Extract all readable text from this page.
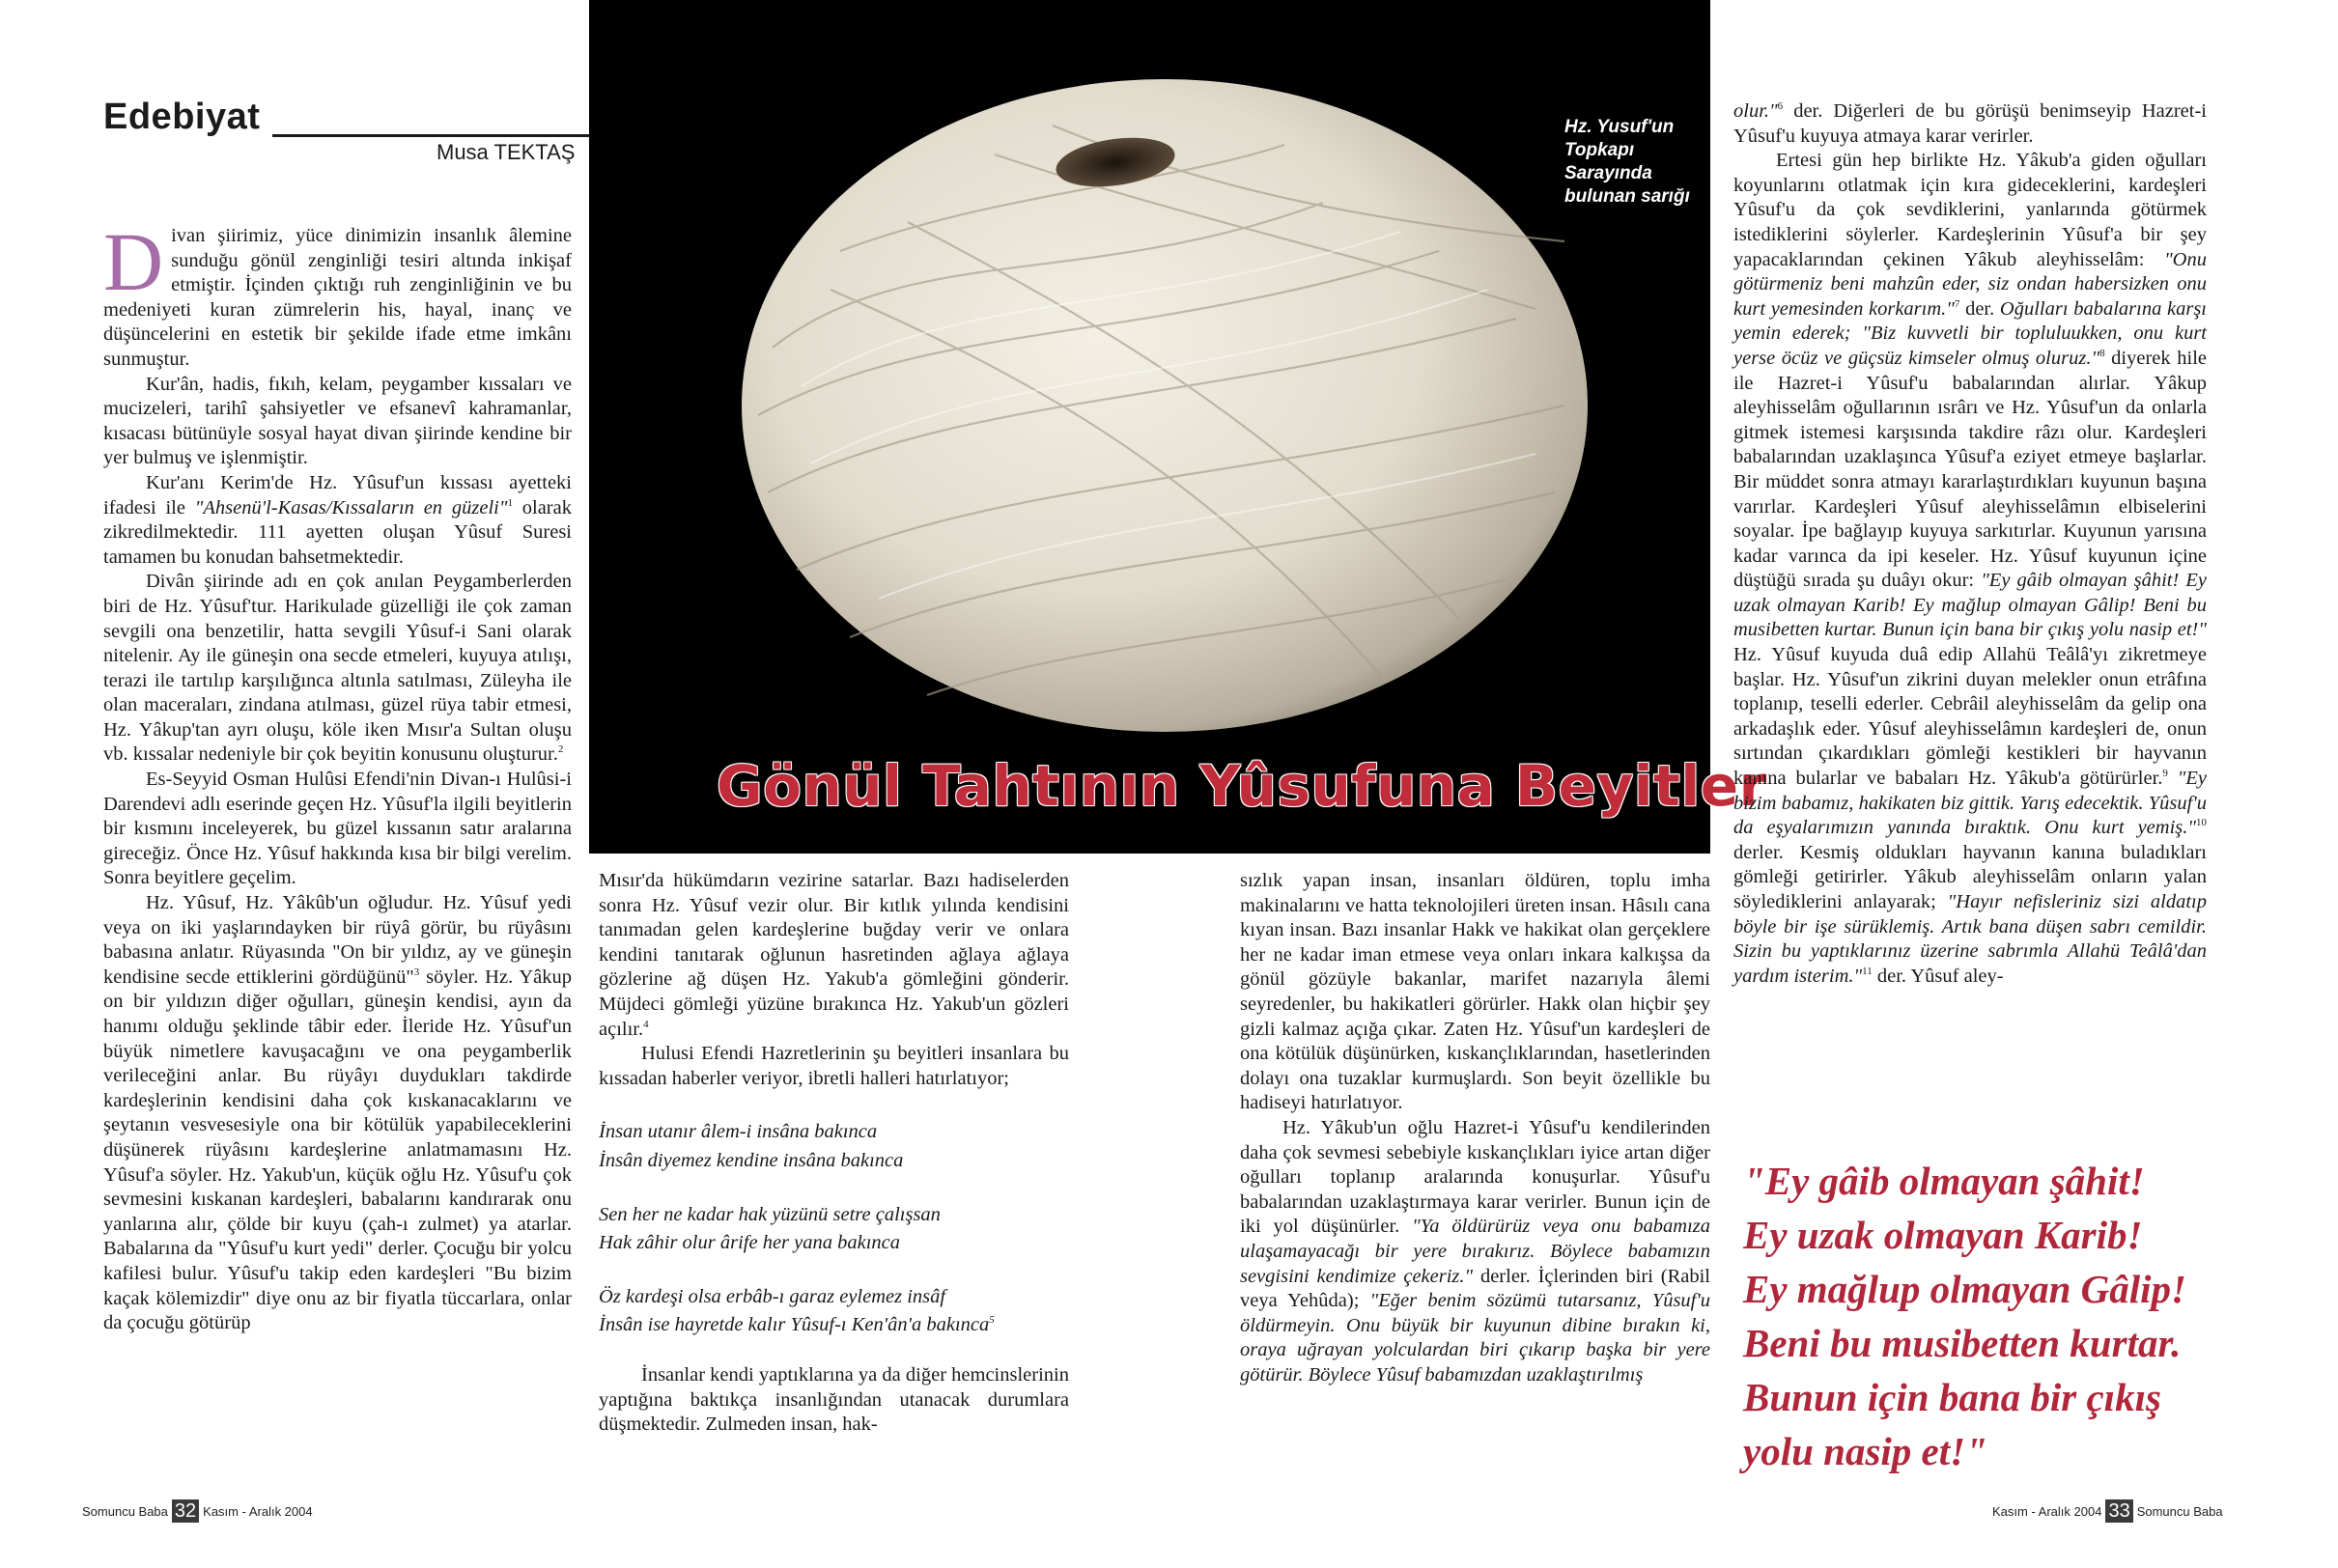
Edebiyat
Musa TEKTAŞ
Hz. Yusuf'un Topkapı Sarayında bulunan sarığı
Gönül Tahtının Yûsufuna Beyitler

Divan şiirimiz, yüce dinimizin insanlık âlemine sunduğu gönül zenginliği tesiri altında inkişaf etmiştir. İçinden çıktığı ruh zenginliğinin ve bu medeniyeti kuran zümrelerin his, hayal, inanç ve düşüncelerini en estetik bir şekilde ifade etme imkânı sunmuştur.

Kur'ân, hadis, fıkıh, kelam, peygamber kıssaları ve mucizeleri, tarihî şahsiyetler ve efsanevî kahramanlar, kısacası bütünüyle sosyal hayat divan şiirinde kendine bir yer bulmuş ve işlenmiştir.

Kur'anı Kerim'de Hz. Yûsuf'un kıssası ayetteki ifadesi ile "Ahsenü'l-Kasas/Kıssaların en güzeli"$^1$ olarak zikredilmektedir. 111 ayetten oluşan Yûsuf Suresi tamamen bu konudan bahsetmektedir.

Divân şiirinde adı en çok anılan Peygamberlerden biri de Hz. Yûsuf'tur. Harikulade güzelliği ile çok zaman sevgili ona benzetilir, hatta sevgili Yûsuf-i Sani olarak nitelenir. Ay ile güneşin ona secde etmeleri, kuyuya atılışı, terazi ile tartılıp karşılığınca altınla satılması, Züleyha ile olan maceraları, zindana atılması, güzel rüya tabir etmesi, Hz. Yâkup'tan ayrı oluşu, köle iken Mısır'a Sultan oluşu vb. kıssalar nedeniyle bir çok beyitin konusunu oluşturur.$^2$

Es-Seyyid Osman Hulûsi Efendi'nin Divan-ı Hulûsi-i Darendevi adlı eserinde geçen Hz. Yûsuf'la ilgili beyitlerin bir kısmını inceleyerek, bu güzel kıssanın satır aralarına gireceğiz. Önce Hz. Yûsuf hakkında kısa bir bilgi verelim. Sonra beyitlere geçelim.

Hz. Yûsuf, Hz. Yâkûb'un oğludur. Hz. Yûsuf yedi veya on iki yaşlarındayken bir rüyâ görür, bu rüyâsını babasına anlatır. Rüyasında "On bir yıldız, ay ve güneşin kendisine secde ettiklerini gördüğünü"$^3$ söyler. Hz. Yâkup on bir yıldızın diğer oğulları, güneşin kendisi, ayın da hanımı olduğu şeklinde tâbir eder. İleride Hz. Yûsuf'un büyük nimetlere kavuşacağını ve ona peygamberlik verileceğini anlar. Bu rüyâyı duydukları takdirde kardeşlerinin kendisini daha çok kıskanacaklarını ve şeytanın vesvesesiyle ona bir kötülük yapabileceklerini düşünerek rüyâsını kardeşlerine anlatmamasını Hz. Yûsuf'a söyler. Hz. Yakub'un, küçük oğlu Hz. Yûsuf'u çok sevmesini kıskanan kardeşleri, babalarını kandırarak onu yanlarına alır, çölde bir kuyu (çah-ı zulmet) ya atarlar. Babalarına da "Yûsuf'u kurt yedi" derler. Çocuğu bir yolcu kafilesi bulur. Yûsuf'u takip eden kardeşleri "Bu bizim kaçak kölemizdir" diye onu az bir fiyatla tüccarlara, onlar da çocuğu götürüp

Mısır'da hükümdarın vezirine satarlar. Bazı hadiselerden sonra Hz. Yûsuf vezir olur. Bir kıtlık yılında kendisini tanımadan gelen kardeşlerine buğday verir ve onlara kendini tanıtarak oğlunun hasretinden ağlaya ağlaya gözlerine ağ düşen Hz. Yakub'a gömleğini gönderir. Müjdeci gömleği yüzüne bırakınca Hz. Yakub'un gözleri açılır.$^4$

Hulusi Efendi Hazretlerinin şu beyitleri insanlara bu kıssadan haberler veriyor, ibretli halleri hatırlatıyor;

İnsan utanır âlem-i insâna bakınca

İnsân diyemez kendine insâna bakınca

Sen her ne kadar hak yüzünü setre çalışsan

Hak zâhir olur ârife her yana bakınca

Öz kardeşi olsa erbâb-ı garaz eylemez insâf

İnsân ise hayretde kalır Yûsuf-ı Ken'ân'a bakınca$^5$

İnsanlar kendi yaptıklarına ya da diğer hemcinslerinin yaptığına baktıkça insanlığından utanacak durumlara düşmektedir. Zulmeden insan, hak-

sızlık yapan insan, insanları öldüren, toplu imha makinalarını ve hatta teknolojileri üreten insan. Hâsılı cana kıyan insan. Bazı insanlar Hakk ve hakikat olan gerçeklere her ne kadar iman etmese veya onları inkara kalkışsa da gönül gözüyle bakanlar, marifet nazarıyla âlemi seyredenler, bu hakikatleri görürler. Hakk olan hiçbir şey gizli kalmaz açığa çıkar. Zaten Hz. Yûsuf'un kardeşleri de ona kötülük düşünürken, kıskançlıklarından, hasetlerinden dolayı ona tuzaklar kurmuşlardı. Son beyit özellikle bu hadiseyi hatırlatıyor.

Hz. Yâkub'un oğlu Hazret-i Yûsuf'u kendilerinden daha çok sevmesi sebebiyle kıskançlıkları iyice artan diğer oğulları toplanıp aralarında konuşurlar. Yûsuf'u babalarından uzaklaştırmaya karar verirler. Bunun için de iki yol düşünürler. "Ya öldürürüz veya onu babamıza ulaşamayacağı bir yere bırakırız. Böylece babamızın sevgisini kendimize çekeriz." derler. İçlerinden biri (Rabil veya Yehûda); "Eğer benim sözümü tutarsanız, Yûsuf'u öldürmeyin. Onu büyük bir kuyunun dibine bırakın ki, oraya uğrayan yolculardan biri çıkarıp başka bir yere götürür. Böylece Yûsuf babamızdan uzaklaştırılmış

olur."$^6$ der. Diğerleri de bu görüşü benimseyip Hazret-i Yûsuf'u kuyuya atmaya karar verirler.

Ertesi gün hep birlikte Hz. Yâkub'a giden oğulları koyunlarını otlatmak için kıra gideceklerini, kardeşleri Yûsuf'u da çok sevdiklerini, yanlarında götürmek istediklerini söylerler. Kardeşlerinin Yûsuf'a bir şey yapacaklarından çekinen Yâkub aleyhisselâm: "Onu götürmeniz beni mahzûn eder, siz ondan habersizken onu kurt yemesinden korkarım."$^7$ der. Oğulları babalarına karşı yemin ederek; "Biz kuvvetli bir topluluukken, onu kurt yerse öcüz ve güçsüz kimseler olmuş oluruz."$^8$ diyerek hile ile Hazret-i Yûsuf'u babalarından alırlar. Yâkup aleyhisselâm oğullarının ısrârı ve Hz. Yûsuf'un da onlarla gitmek istemesi karşısında takdire râzı olur. Kardeşleri babalarından uzaklaşınca Yûsuf'a eziyet etmeye başlarlar. Bir müddet sonra atmayı kararlaştırdıkları kuyunun başına varırlar. Kardeşleri Yûsuf aleyhisselâmın elbiselerini soyalar. İpe bağlayıp kuyuya sarkıtırlar. Kuyunun yarısına kadar varınca da ipi keseler. Hz. Yûsuf kuyunun içine düştüğü sırada şu duâyı okur: "Ey gâib olmayan şâhit! Ey uzak olmayan Karib! Ey mağlup olmayan Gâlip! Beni bu musibetten kurtar. Bunun için bana bir çıkış yolu nasip et!" Hz. Yûsuf kuyuda duâ edip Allahü Teâlâ'yı zikretmeye başlar. Hz. Yûsuf'un zikrini duyan melekler onun etrâfına toplanıp, teselli ederler. Cebrâil aleyhisselâm da gelip ona arkadaşlık eder. Yûsuf aleyhisselâmın kardeşleri de, onun sırtından çıkardıkları gömleği kestikleri bir hayvanın kanına bularlar ve babaları Hz. Yâkub'a götürürler.$^9$ "Ey bizim babamız, hakikaten biz gittik. Yarış edecektik. Yûsuf'u da eşyalarımızın yanında bıraktık. Onu kurt yemiş."$^{10}$ derler. Kesmiş oldukları hayvanın kanına buladıkları gömleği getirirler. Yâkub aleyhisselâm onların yalan söylediklerini anlayarak; "Hayır nefisleriniz sizi aldatıp böyle bir işe sürüklemiş. Artık bana düşen sabrı cemildir. Sizin bu yaptıklarınız üzerine sabrımla Allahü Teâlâ'dan yardım isterim."$^{11}$ der. Yûsuf aley-

"Ey gâib olmayan şâhit!
Ey uzak olmayan Karib!
Ey mağlup olmayan Gâlip!
Beni bu musibetten kurtar.
Bunun için bana bir çıkış
yolu nasip et!"
Somuncu Baba 32 Kasım - Aralık 2004	Kasım - Aralık 2004 33 Somuncu Baba
